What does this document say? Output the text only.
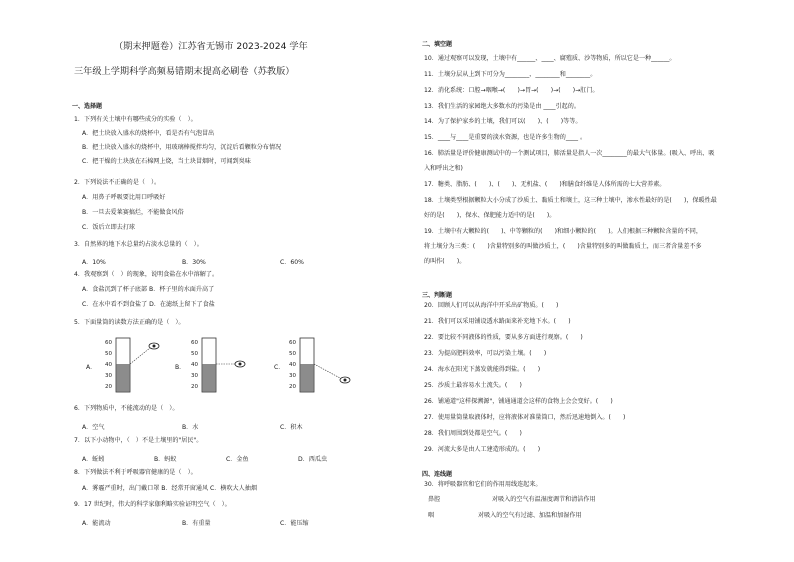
（期末押题卷）江苏省无锡市 2023-2024 学年
三年级上学期科学高频易错期末提高必刷卷（苏教版）
一、选择题
1．下列有关土壤中有哪些成分的实验（　）。
A．把土块放入盛水的烧杯中，看是否有气泡冒出
B．把土块放入盛水的烧杯中，用玻璃棒搅拌均匀，沉淀后看颗粒分布情况
C．把干燥的土块放在石棉网上烧，当土块冒烟时，可闻到臭味
2．下列说法不正确的是（　）。
A．用鼻子呼吸要比用口呼吸好
B．一旦去爱莱赛搞烂，不能做食风俗
C．饭后立即去打球
3．自然界的地下水总量约占淡水总量的（　）。
A．10%	B．30%	C．60%
4．我观察到（　）的现象，说明食盐在水中溶解了。
A．食盐沉到了杯子底部 B．杯子里的水面升高了
C．在水中看不到食盐了 D．在滤纸上留下了食盐
5．下面量筒的读数方法正确的是（　）。
A．
60
50
40
30
20
B．
60
50
40
30
20
C．
60
50
40
30
20
6．下列物质中，不能流动的是（　）。
A．空气	B．水	C．积木
7．以下小动物中，（　）不是土壤里的"居民"。
A．蚯蚓	B．蚂蚁	C．金鱼	D．西瓜虫
8．下列做法不利于呼吸器官健康的是（　）。
A．雾霾严重时，出门戴口罩 B．经常开窗通风 C．横吹大人抽烟
9．17 世纪时，伟大的科学家伽利略实验证明空气（　）。
A．能流动	B．有重量	C．能压缩
二、填空题
10．通过观察可以发现，土壤中有______、____、腐殖质、沙等物质，所以它是一种______。
11．土壤分层从上到下可分为________、________和________。
12．消化系统：口腔→咽喉→(　　)→胃→(　　)→(　　)→肛门。
13．我们生活的家园绝大多数水的污染是由 ____引起的。
14．为了保护家乡的土壤，我们可以(　　)、(　　)等等。
15．____与____是重要的淡水资源，也是许多生物的____ 。
16．肺活量是评价健康测试中的一个测试项目，肺活量是指人一次________的最大气体量。(吸入、呼出、吸
入和呼出之和)
17．糖类、脂肪、(　　)、(　　)、无机盐、(　　)和膳食纤维是人体所需的七大营养素。
18．土壤类型根据颗粒大小分成了沙质土、黏质土和壤土，这三种土壤中，渗水性最好的是(　　)，保暖性最
好的是(　　)，保水、保肥能力适中的是(　　)。
19．土壤中有大颗粒的(　　)、中等颗粒的(　　)和细小颗粒的(　　)。人们根据三种颗粒含量的不同，
将土壤分为三类：(　　)含量特别多的叫做沙质土，(　　)含量特别多的叫做黏质土，而三者含量差不多
的叫作(　　)。
三、判断题
20．回顾人们可以从海洋中开采出矿物质。(　　)
21．我们可以采用铺设透水路面来补充地下水。(　　)
22．要比较不同液体的性质，要从多方面进行观察。(　　)
23．为提高肥料效率，可以污染土壤。(　　)
24．海水在阳光下蒸发就能得到盐。(　　)
25．沙质土最容易水土流失。(　　)
26．铺通道"这样探溯源"，铺通通道会这样的食物上会会变好。(　　)
27．使用量筒量取液体时，应将液体对准量筒口，然后迅速地倒入。(　　)
28．我们周围到处都是空气。(　　)
29．河流大多是由人工建造形成的。(　　)
四、连线题
30．将呼吸器官和它们的作用用线连起来。
鼻腔	对吸入的空气有温湿度调节和清洁作用
咽	对吸入的空气有过滤、加温和加湿作用
